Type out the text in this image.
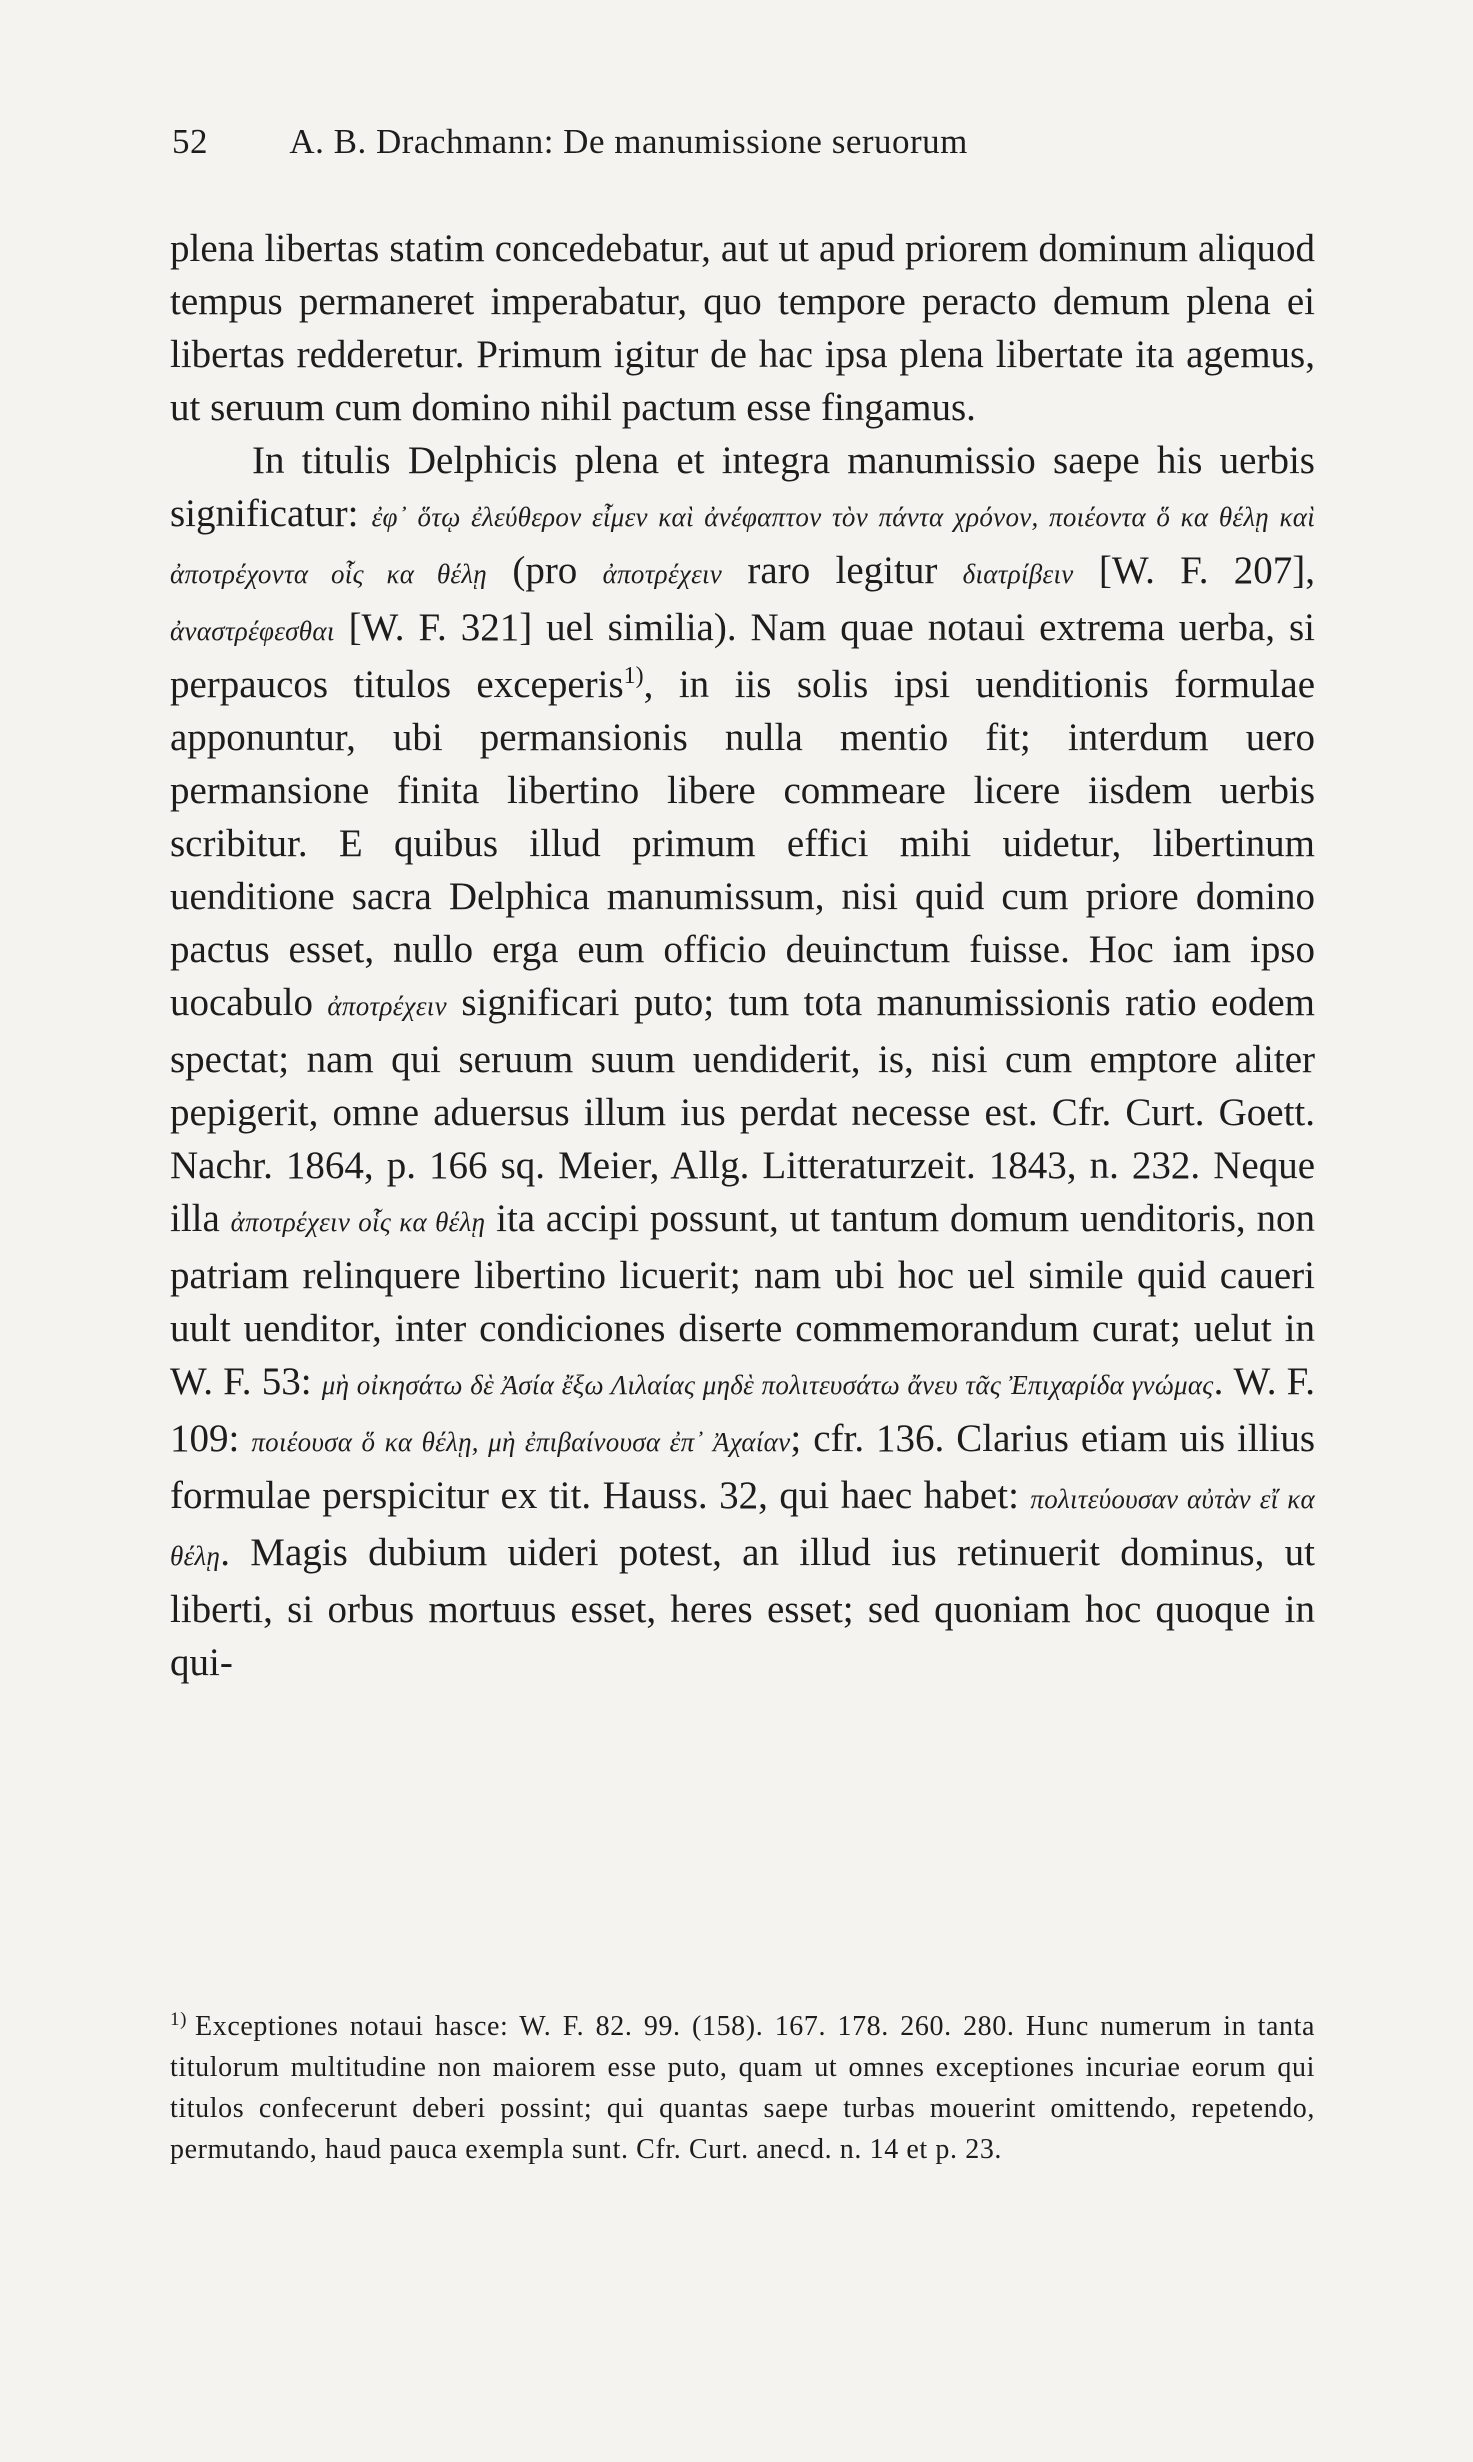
52 A. B. Drachmann: De manumissione seruorum

plena libertas statim concedebatur, aut ut apud priorem dominum aliquod tempus permaneret imperabatur, quo tempore peracto demum plena ei libertas redderetur. Primum igitur de hac ipsa plena libertate ita agemus, ut seruum cum domino nihil pactum esse fingamus.

In titulis Delphicis plena et integra manumissio saepe his uerbis significatur: ἐφ᾽ ὅτῳ ἐλεύθερον εἶμεν καὶ ἀνέφαπτον τὸν πάντα χρόνον, ποιέοντα ὅ κα θέλῃ καὶ ἀποτρέχοντα οἷς κα θέλῃ (pro ἀποτρέχειν raro legitur διατρίβειν [W. F. 207], ἀναστρέφεσθαι [W. F. 321] uel similia). Nam quae notaui extrema uerba, si perpaucos titulos exceperis$^{1)}$, in iis solis ipsi uenditionis formulae apponuntur, ubi permansionis nulla mentio fit; interdum uero permansione finita libertino libere commeare licere iisdem uerbis scribitur. E quibus illud primum effici mihi uidetur, libertinum uenditione sacra Delphica manumissum, nisi quid cum priore domino pactus esset, nullo erga eum officio deuinctum fuisse. Hoc iam ipso uocabulo ἀποτρέχειν significari puto; tum tota manumissionis ratio eodem spectat; nam qui seruum suum uendiderit, is, nisi cum emptore aliter pepigerit, omne aduersus illum ius perdat necesse est. Cfr. Curt. Goett. Nachr. 1864, p. 166 sq. Meier, Allg. Litteraturzeit. 1843, n. 232. Neque illa ἀποτρέχειν οἷς κα θέλῃ ita accipi possunt, ut tantum domum uenditoris, non patriam relinquere libertino licuerit; nam ubi hoc uel simile quid caueri uult uenditor, inter condiciones diserte commemorandum curat; uelut in W. F. 53: μὴ οἰκησάτω δὲ Ἀσία ἔξω Λιλαίας μηδὲ πολιτευσάτω ἄνευ τᾶς Ἐπιχαρίδα γνώμας. W. F. 109: ποιέουσα ὅ κα θέλῃ, μὴ ἐπιβαίνουσα ἐπ᾽ Ἀχαίαν; cfr. 136. Clarius etiam uis illius formulae perspicitur ex tit. Hauss. 32, qui haec habet: πολιτεύουσαν αὐτὰν εἴ κα θέλῃ. Magis dubium uideri potest, an illud ius retinuerit dominus, ut liberti, si orbus mortuus esset, heres esset; sed quoniam hoc quoque in qui-

$^{1)}$ Exceptiones notaui hasce: W. F. 82. 99. (158). 167. 178. 260. 280. Hunc numerum in tanta titulorum multitudine non maiorem esse puto, quam ut omnes exceptiones incuriae eorum qui titulos confecerunt deberi possint; qui quantas saepe turbas mouerint omittendo, repetendo, permutando, haud pauca exempla sunt. Cfr. Curt. anecd. n. 14 et p. 23.
